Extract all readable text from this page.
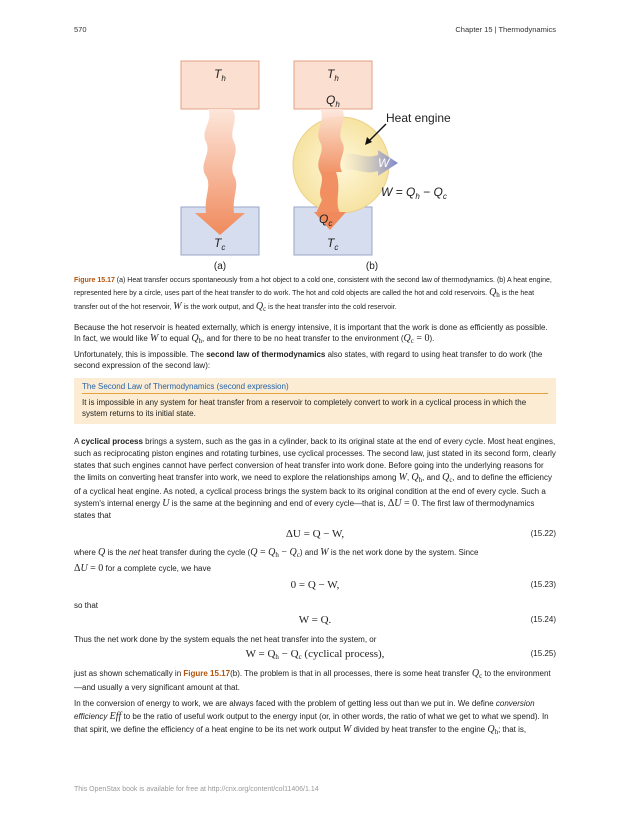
570	Chapter 15 | Thermodynamics
$T_h$
$T_c$
(a)
$T_h$
$Q_h$
$Q_c$
$T_c$
W
Heat engine
$W = Q_h - Q_c$
(b)
Figure 15.17 (a) Heat transfer occurs spontaneously from a hot object to a cold one, consistent with the second law of thermodynamics. (b) A heat engine, represented here by a circle, uses part of the heat transfer to do work. The hot and cold objects are called the hot and cold reservoirs. $Q_h$ is the heat transfer out of the hot reservoir, W is the work output, and $Q_c$ is the heat transfer into the cold reservoir.

Because the hot reservoir is heated externally, which is energy intensive, it is important that the work is done as efficiently as possible. In fact, we would like W to equal $Q_h$, and for there to be no heat transfer to the environment $(Q_c = 0)$.

Unfortunately, this is impossible. The second law of thermodynamics also states, with regard to using heat transfer to do work (the second expression of the second law):

The Second Law of Thermodynamics (second expression)
It is impossible in any system for heat transfer from a reservoir to completely convert to work in a cyclical process in which the system returns to its initial state.

A cyclical process brings a system, such as the gas in a cylinder, back to its original state at the end of every cycle. Most heat engines, such as reciprocating piston engines and rotating turbines, use cyclical processes. The second law, just stated in its second form, clearly states that such engines cannot have perfect conversion of heat transfer into work done. Before going into the underlying reasons for the limits on converting heat transfer into work, we need to explore the relationships among W, $Q_h$, and $Q_c$, and to define the efficiency of a cyclical heat engine. As noted, a cyclical process brings the system back to its original condition at the end of every cycle. Such a system's internal energy U is the same at the beginning and end of every cycle—that is, ΔU = 0. The first law of thermodynamics states that

ΔU = Q − W,	(15.22)

where Q is the net heat transfer during the cycle $(Q = Q_h - Q_c)$ and W is the net work done by the system. Since
ΔU = 0 for a complete cycle, we have

0 = Q − W,	(15.23)
so that
W = Q.	(15.24)
Thus the net work done by the system equals the net heat transfer into the system, or
$W = Q_h - Q_c$ (cyclical process),	(15.25)

just as shown schematically in Figure 15.17(b). The problem is that in all processes, there is some heat transfer $Q_c$ to the environment—and usually a very significant amount at that.

In the conversion of energy to work, we are always faced with the problem of getting less out than we put in. We define conversion efficiency Eff to be the ratio of useful work output to the energy input (or, in other words, the ratio of what we get to what we spend). In that spirit, we define the efficiency of a heat engine to be its net work output W divided by heat transfer to the engine $Q_h$; that is,

This OpenStax book is available for free at http://cnx.org/content/col11406/1.14
